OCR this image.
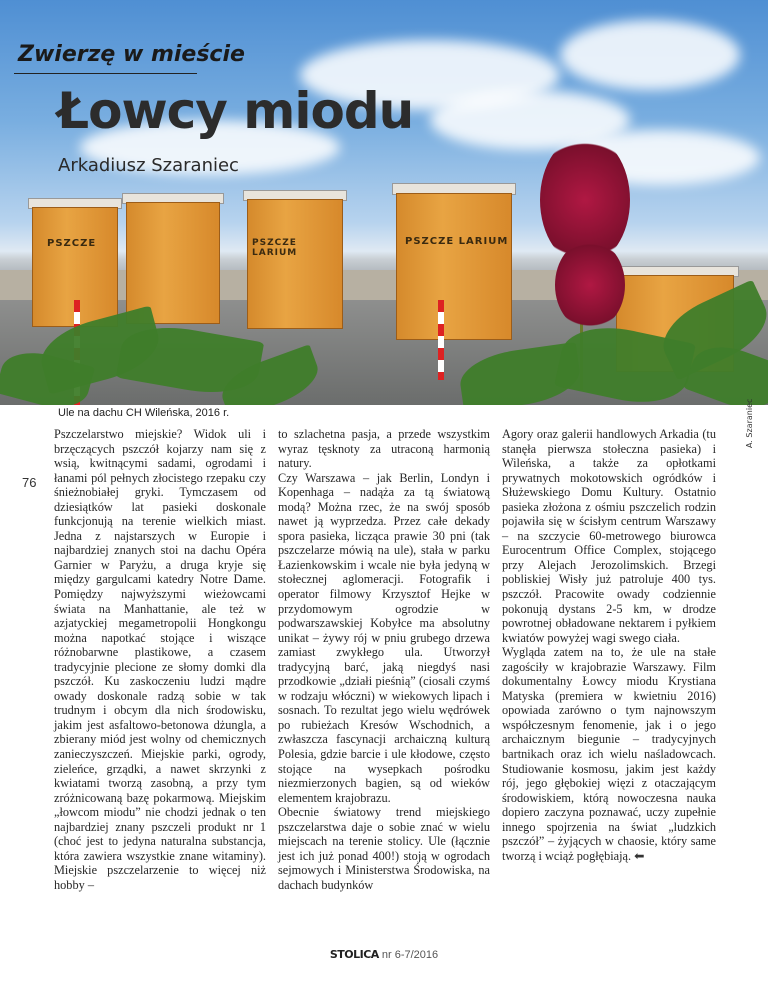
PSZCZE	PSZCZE LARIUM
PSZCZE LARIUM
Zwierzę w mieście
Łowcy miodu
Arkadiusz Szaraniec
Ule na dachu CH Wileńska, 2016 r.	A. Szaraniec
76
Pszczelarstwo miejskie? Widok uli i brzęczących pszczół kojarzy nam się z wsią, kwitnącymi sadami, ogrodami i łanami pól pełnych złocistego rzepaku czy śnieżnobiałej gryki. Tymczasem od dziesiątków lat pasieki doskonale funkcjonują na terenie wielkich miast. Jedna z najstarszych w Europie i najbardziej znanych stoi na dachu Opéra Garnier w Paryżu, a druga kryje się między gargulcami katedry Notre Dame. Pomiędzy najwyższymi wieżowcami świata na Manhattanie, ale też w azjatyckiej megametropolii Hongkongu można napotkać stojące i wiszące różnobarwne plastikowe, a czasem tradycyjnie plecione ze słomy domki dla pszczół. Ku zaskoczeniu ludzi mądre owady doskonale radzą sobie w tak trudnym i obcym dla nich środowisku, jakim jest asfaltowo-betonowa dżungla, a zbierany miód jest wolny od chemicznych zanieczyszczeń. Miejskie parki, ogrody, zieleńce, grządki, a nawet skrzynki z kwiatami tworzą zasobną, a przy tym zróżnicowaną bazę pokarmową. Miejskim „łowcom miodu” nie chodzi jednak o ten najbardziej znany pszczeli produkt nr 1 (choć jest to jedyna naturalna substancja, która zawiera wszystkie znane witaminy). Miejskie pszczelarzenie to więcej niż hobby –
to szlachetna pasja, a przede wszystkim wyraz tęsknoty za utraconą harmonią natury.
Czy Warszawa – jak Berlin, Londyn i Kopenhaga – nadąża za tą światową modą? Można rzec, że na swój sposób nawet ją wyprzedza. Przez całe dekady spora pasieka, licząca prawie 30 pni (tak pszczelarze mówią na ule), stała w parku Łazienkowskim i wcale nie była jedyną w stołecznej aglomeracji. Fotografik i operator filmowy Krzysztof Hejke w przydomowym ogrodzie w podwarszawskiej Kobyłce ma absolutny unikat – żywy rój w pniu grubego drzewa zamiast zwykłego ula. Utworzył tradycyjną barć, jaką niegdyś nasi przodkowie „działi pieśnią” (ciosali czymś w rodzaju włóczni) w wiekowych lipach i sosnach. To rezultat jego wielu wędrówek po rubieżach Kresów Wschodnich, a zwłaszcza fascynacji archaiczną kulturą Polesia, gdzie barcie i ule kłodowe, często stojące na wysepkach pośrodku niezmierzonych bagien, są od wieków elementem krajobrazu.
Obecnie światowy trend miejskiego pszczelarstwa daje o sobie znać w wielu miejscach na terenie stolicy. Ule (łącznie jest ich już ponad 400!) stoją w ogrodach sejmowych i Ministerstwa Środowiska, na dachach budynków
Agory oraz galerii handlowych Arkadia (tu stanęła pierwsza stołeczna pasieka) i Wileńska, a także za opłotkami prywatnych mokotowskich ogródków i Służewskiego Domu Kultury. Ostatnio pasieka złożona z ośmiu pszczelich rodzin pojawiła się w ścisłym centrum Warszawy – na szczycie 60-metrowego biurowca Eurocentrum Office Complex, stojącego przy Alejach Jerozolimskich. Brzegi pobliskiej Wisły już patroluje 400 tys. pszczół. Pracowite owady codziennie pokonują dystans 2-5 km, w drodze powrotnej obładowane nektarem i pyłkiem kwiatów powyżej wagi swego ciała.
Wygląda zatem na to, że ule na stałe zagościły w krajobrazie Warszawy. Film dokumentalny Łowcy miodu Krystiana Matyska (premiera w kwietniu 2016) opowiada zarówno o tym najnowszym współczesnym fenomenie, jak i o jego archaicznym biegunie – tradycyjnych bartnikach oraz ich wielu naśladowcach. Studiowanie kosmosu, jakim jest każdy rój, jego głębokiej więzi z otaczającym środowiskiem, którą nowoczesna nauka dopiero zaczyna poznawać, uczy zupełnie innego spojrzenia na świat „ludzkich pszczół” – żyjących w chaosie, który same tworzą i wciąż pogłębiają. ⬅
STOLICA nr 6-7/2016
